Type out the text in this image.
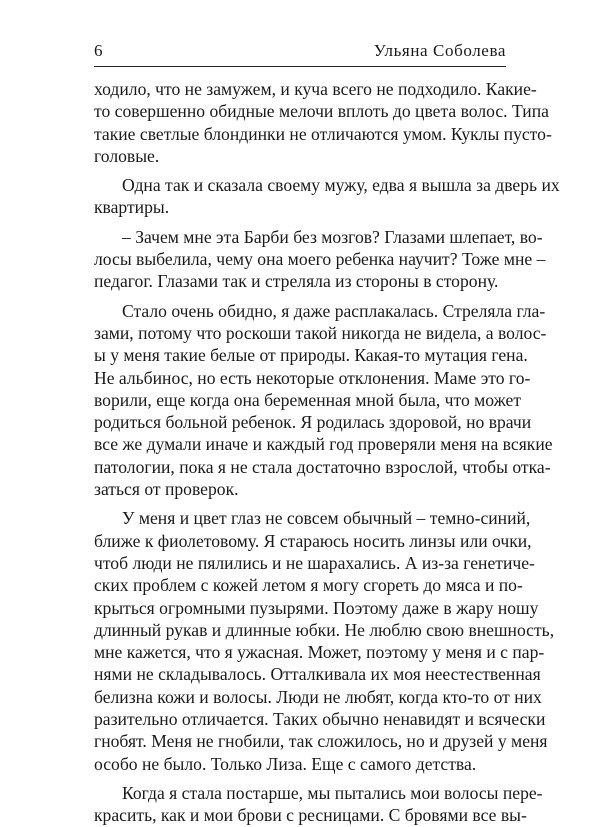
6	Ульяна Соболева
ходило, что не замужем, и куча всего не подходило. Какие-
то совершенно обидные мелочи вплоть до цвета волос. Типа
такие светлые блондинки не отличаются умом. Куклы пусто-
головые.
Одна так и сказала своему мужу, едва я вышла за дверь их
квартиры.
– Зачем мне эта Барби без мозгов? Глазами шлепает, во-
лосы выбелила, чему она моего ребенка научит? Тоже мне –
педагог. Глазами так и стреляла из стороны в сторону.
Стало очень обидно, я даже расплакалась. Стреляла гла-
зами, потому что роскоши такой никогда не видела, а волос-
ы у меня такие белые от природы. Какая-то мутация гена.
Не альбинос, но есть некоторые отклонения. Маме это го-
ворили, еще когда она беременная мной была, что может
родиться больной ребенок. Я родилась здоровой, но врачи
все же думали иначе и каждый год проверяли меня на всякие
патологии, пока я не стала достаточно взрослой, чтобы отка-
заться от проверок.
У меня и цвет глаз не совсем обычный – темно-синий,
ближе к фиолетовому. Я стараюсь носить линзы или очки,
чтоб люди не пялились и не шарахались. А из-за генетиче-
ских проблем с кожей летом я могу сгореть до мяса и по-
крыться огромными пузырями. Поэтому даже в жару ношу
длинный рукав и длинные юбки. Не люблю свою внешность,
мне кажется, что я ужасная. Может, поэтому у меня и с пар-
нями не складывалось. Отталкивала их моя неестественная
белизна кожи и волосы. Люди не любят, когда кто-то от них
разительно отличается. Таких обычно ненавидят и всячески
гнобят. Меня не гнобили, так сложилось, но и друзей у меня
особо не было. Только Лиза. Еще с самого детства.
Когда я стала постарше, мы пытались мои волосы пере-
красить, как и мои брови с ресницами. С бровями все вы-
